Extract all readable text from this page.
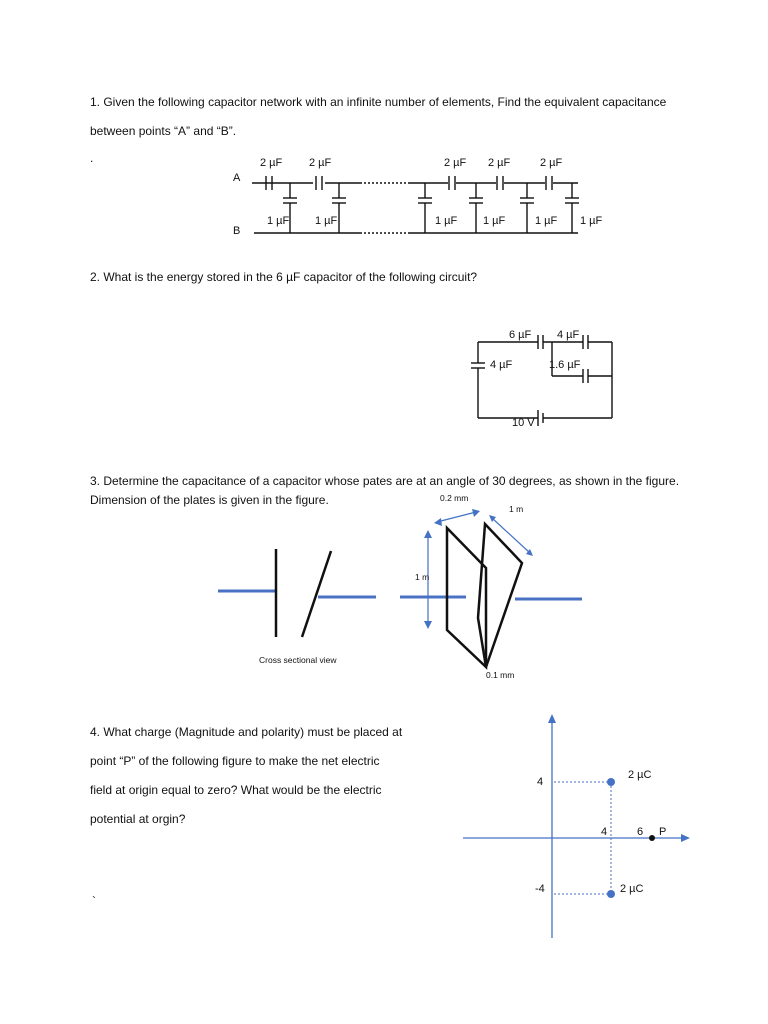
1. Given the following capacitor network with an infinite number of elements, Find the equivalent capacitance
between points “A” and “B”.
.
A
B
2 µF 2 µF	2 µF 2 µF	2 µF
1 µF 1 µF	1 µF 1 µF	1 µF 1 µF
2. What is the energy stored in the 6 µF capacitor of the following circuit?
6 µF
4 µF
4 µF
1.6 µF
10 V
3. Determine the capacitance of a capacitor whose pates are at an angle of 30 degrees, as shown in the figure.
Dimension of the plates is given in the figure.	0.2 mm
1 m
1 m
0.1 mm
Cross sectional view
4. What charge (Magnitude and polarity) must be placed at
point “P” of the following figure to make the net electric
field at origin equal to zero? What would be the electric
potential at orgin?
`
4
-4
4	6 P
2 µC
2 µC
